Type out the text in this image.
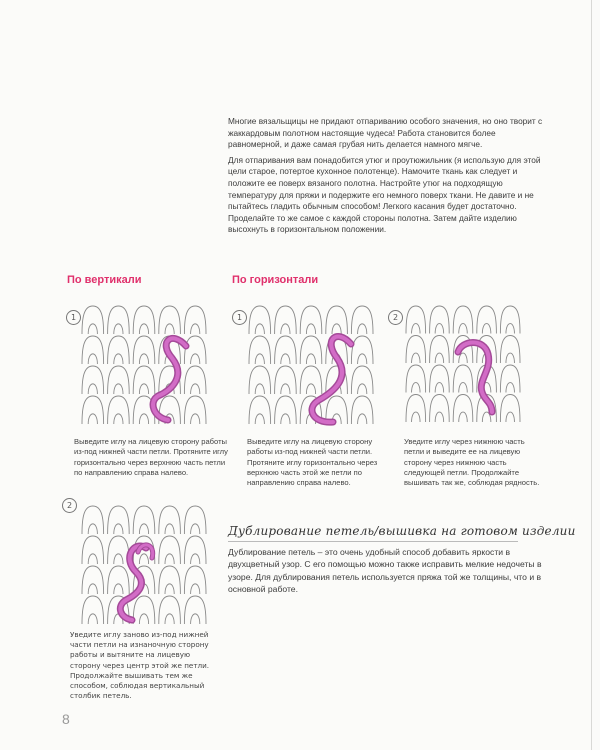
Многие вязальщицы не придают отпариванию особого значения, но оно творит с жаккардовым полотном настоящие чудеса! Работа становится более равномерной, и даже самая грубая нить делается намного мягче.

Для отпаривания вам понадобится утюг и проутюжильник (я использую для этой цели старое, потертое кухонное полотенце). Намочите ткань как следует и положите ее поверх вязаного полотна. Настройте утюг на подходящую температуру для пряжи и подержите его немного поверх ткани. Не давите и не пытайтесь гладить обычным способом! Легкого касания будет достаточно. Проделайте то же самое с каждой стороны полотна. Затем дайте изделию высохнуть в горизонтальном положении.

По вертикали	По горизонтали
1
Выведите иглу на лицевую сторону работы из-под нижней части петли. Протяните иглу горизонтально через верхнюю часть петли по направлению справа налево.
1
Выведите иглу на лицевую сторону работы из-под нижней части петли. Протяните иглу горизонтально через верхнюю часть этой же петли по направлению справа налево.
2
Уведите иглу через нижнюю часть петли и выведите ее на лицевую сторону через нижнюю часть следующей петли. Продолжайте вышивать так же, соблюдая рядность.
2
Уведите иглу заново из-под нижней части петли на изнаночную сторону работы и вытяните на лицевую сторону через центр этой же петли. Продолжайте вышивать тем же способом, соблюдая вертикальный столбик петель.
Дублирование петель/вышивка на готовом изделии
Дублирование петель – это очень удобный способ добавить яркости в двухцветный узор. С его помощью можно также исправить мелкие недочеты в узоре. Для дублирования петель используется пряжа той же толщины, что и в основной работе.
8
